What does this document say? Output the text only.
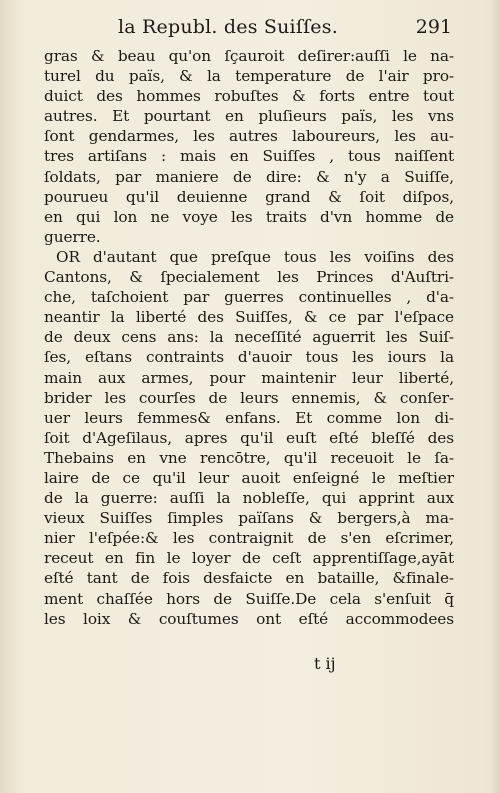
la Republ. des Suiſſes.	291
gras & beau qu'on ſçauroit deſirer:auſſi le na-
turel du païs, & la temperature de l'air pro-
duict des hommes robuſtes & forts entre tout
autres. Et pourtant en pluſieurs païs, les vns
ſont gendarmes, les autres laboureurs, les au-
tres artiſans : mais en Suiſſes , tous naiſſent
ſoldats, par maniere de dire: & n'y a Suiſſe,
pourueu qu'il deuienne grand & ſoit diſpos,
en qui lon ne voye les traits d'vn homme de
guerre.
OR d'autant que preſque tous les voiſins des
Cantons, & ſpecialement les Princes d'Auſtri-
che, taſchoient par guerres continuelles , d'a-
neantir la liberté des Suiſſes, & ce par l'eſpace
de deux cens ans: la neceſſité aguerrit les Suiſ-
ſes, eſtans contraints d'auoir tous les iours la
main aux armes, pour maintenir leur liberté,
brider les courſes de leurs ennemis, & conſer-
uer leurs femmes& enfans. Et comme lon di-
ſoit d'Ageſilaus, apres qu'il euſt eſté bleſſé des
Thebains en vne rencōtre, qu'il receuoit le ſa-
laire de ce qu'il leur auoit enſeigné le meſtier
de la guerre: auſſi la nobleſſe, qui apprint aux
vieux Suiſſes ſimples païſans & bergers,à ma-
nier l'eſpée:& les contraignit de s'en eſcrimer,
receut en fin le loyer de ceſt apprentiſſage,ayāt
eſté tant de fois desfaicte en bataille, &finale-
ment chaſſée hors de Suiſſe.De cela s'enſuit q̄
les loix & couſtumes ont eſté accommodees
t ij
